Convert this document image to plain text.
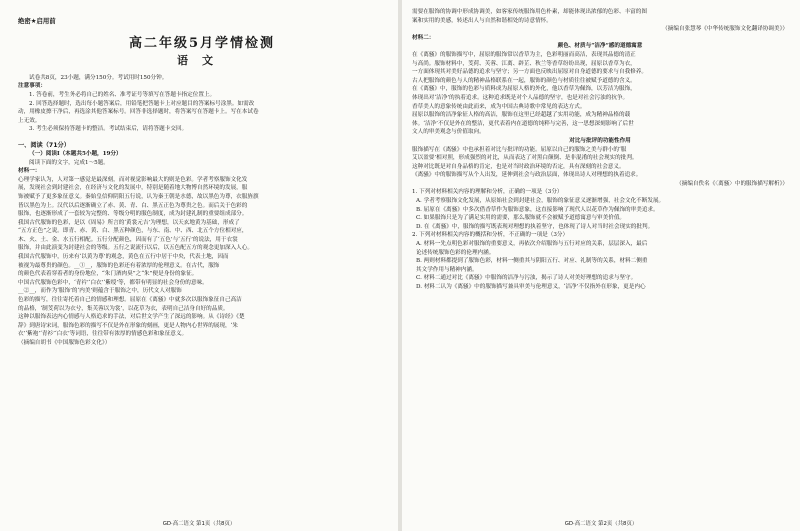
绝密★启用前

高二年级5月学情检测

语文

试卷共8页，23小题，满分150分。考试用时150分钟。

注意事项：

1. 答卷前，考生务必将自己的姓名、准考证号等填写在答题卡指定位置上。

2. 回答选择题时，选出每小题答案后，用铅笔把答题卡上对应题目的答案标号涂黑。如需改

动，用橡皮擦干净后，再选涂其他答案标号。回答非选择题时，将答案写在答题卡上。写在本试卷

上无效。

3. 考生必须保持答题卡的整洁。考试结束后，请将答题卡交回。

一、阅读（71分）

（一）阅读Ⅰ（本题共5小题，19分）

阅读下面的文字，完成1～5题。

材料一：

心理学家认为，人对第一感觉是最深刻，而对视觉影响最大的则是色彩。学者考察服饰文化发

展，发现社会到封建社会，在经济与文化的发展中，特别是随着地大物博自然环境的发展，服

饰被赋予了更多象征意义。秦始皇信仰阴阳五行说，认为秦王朝是水德，故以黑色为尊，衣服旌旗

皆以黑色为上。汉代以后逐渐确立了赤、黄、青、白、黑五正色为尊贵之色。而后关于色彩的

服饰，也逐渐形成了一套较为完整的、等级分明的服色制度，成为封建礼制的重要组成部分。

我国古代服饰的色彩，是以《周易》所言的‘黄裳元吉’为理想，以天玄地黄为基础，形成了

“五方正色”之说。即青、赤、黄、白、黑五种颜色，与东、南、中、西、北五个方位相对应，

木、火、土、金、水五行相配。五行分配颜色，因而有了‘五色’与‘五行’的说法，用于衣裳

服饰，并由此演变为封建社会的等级。五行之说流行以后，以五色配五方的观念更加深入人心。

我国古代服饰中，历来有‘以黄为尊’的观念，黄色在五行中居于中央，代表土地，因而

被视为最尊贵的颜色。__①__，服饰的色彩还有着浓厚的伦理意义。在古代，服饰

的颜色代表着穿着者的身份地位，“朱门酒肉臭”之“朱”便是身份的象征。

中国古代服饰色彩中，‘青衿’‘白衣’‘紫绶’等，都带有明显的社会身份的意味。

__②__，而作为‘服饰’的‘内美’则蕴含于服饰之中，历代文人对服饰

色彩的描写，往往寄托着自己的情感和理想。屈原在《离骚》中就多次以服饰象征自己高洁

的品格，‘制芰荷以为衣兮，集芙蓉以为裳’，以花草为衣，表明自己洁身自好的品质。

这种以服饰表达内心情感与人格追求的手法，对后世文学产生了深远的影响。从《诗经》《楚

辞》到唐诗宋词，服饰色彩的描写不仅是外在形象的刻画，更是人物内心世界的展现，‘朱

衣’‘紫袍’‘青衫’‘白衣’等词语，往往带有浓厚的情感色彩和象征意义。

（摘编自胡书《中国服饰色彩文化》）

GD·高二语文 第1页（共8页）

需要在服饰的协调中形成协调美，如客家传统服饰用色朴素，却能体现出浓郁的色彩、丰富的图

案和实用的美感，转述出人与自然和谐相处的诗意情怀。

（摘编自张慧琴《中华传统服饰文化翻译协调美》）

材料二：

颜色、材质与“洁净”感的道德寓意

在《离骚》的服饰描写中，屈原的服饰常以香草为主，色彩明丽而高洁，表现其品德的清正

与高尚。服饰材料中，芰荷、芙蓉、江离、辟芷、秋兰等香草纷纷出现，屈原以香草为衣，

一方面体现其对美好品德的追求与坚守；另一方面也反映出屈原对自身道德的要求与自我修养。

古人把服饰的颜色与人的精神品格联系在一起，服饰的颜色与材质往往被赋予道德的含义。

在《离骚》中，服饰的色彩与质料成为屈原人格的外化，他以香草为佩饰，以芳洁为服饰，

体现出对‘洁净’的执着追求。这种追求既是对个人品德的坚守，也是对社会污浊的抗争。

香草美人的意象传统由此而来，成为中国古典诗歌中常见的表达方式。

屈原以服饰的洁净象征人格的高洁，服饰在这里已经超越了实用功能，成为精神品格的载

体。‘洁净’不仅是外在的整洁，更代表着内在道德的纯粹与完善，这一思想深刻影响了后世

文人的审美观念与价值取向。

对比与批评的功能性作用

服饰描写在《离骚》中也承担着对比与批评的功能。屈原以自己的服饰之美与群小的‘服

艾以盈要’相对照，形成强烈的对比，从而表达了对黑白颠倒、是非混淆的社会现实的批判。

这种对比既是对自身品格的肯定，也是对当时政治环境的否定，具有深刻的社会意义。

《离骚》中的服饰描写从个人出发，延伸到社会与政治层面，体现出诗人对理想的执着追求。

（摘编自佚名《〈离骚〉中的服饰描写解析》）

1. 下列对材料相关内容的理解和分析，正确的一项是（3分）

A. 学者考察服饰文化发展，从原始社会到封建社会，服饰的象征意义逐渐增强，社会文化不断发展。

B. 屈原在《离骚》中多次借香草作为服饰意象，这直接影响了现代人以花草作为佩饰的审美追求。

C. 如果服饰只是为了满足实用的需要，那么服饰就不会被赋予道德寓意与审美价值。

D. 在《离骚》中，服饰的描写既表现对理想的执着坚守，也体现了诗人对当时社会现实的批判。

2. 下列对材料相关内容的概括和分析，不正确的一项是（3分）

A. 材料一先点明色彩对服饰的重要意义，再依次介绍服饰与五行对应的关系，层层深入，最后

论述传统服饰色彩的伦理内涵。

B. 两则材料都提到了服饰色彩，材料一侧重其与阴阳五行、对应、礼制等的关系，材料二侧重

其文学作用与精神内涵。

C. 材料二通过对比《离骚》中服饰的洁净与污浊，揭示了诗人对美好理想的追求与坚守。

D. 材料二认为《离骚》中的服饰描写兼具审美与伦理意义，‘洁净’不仅指外在形象，更是内心

GD·高二语文 第2页（共8页）
